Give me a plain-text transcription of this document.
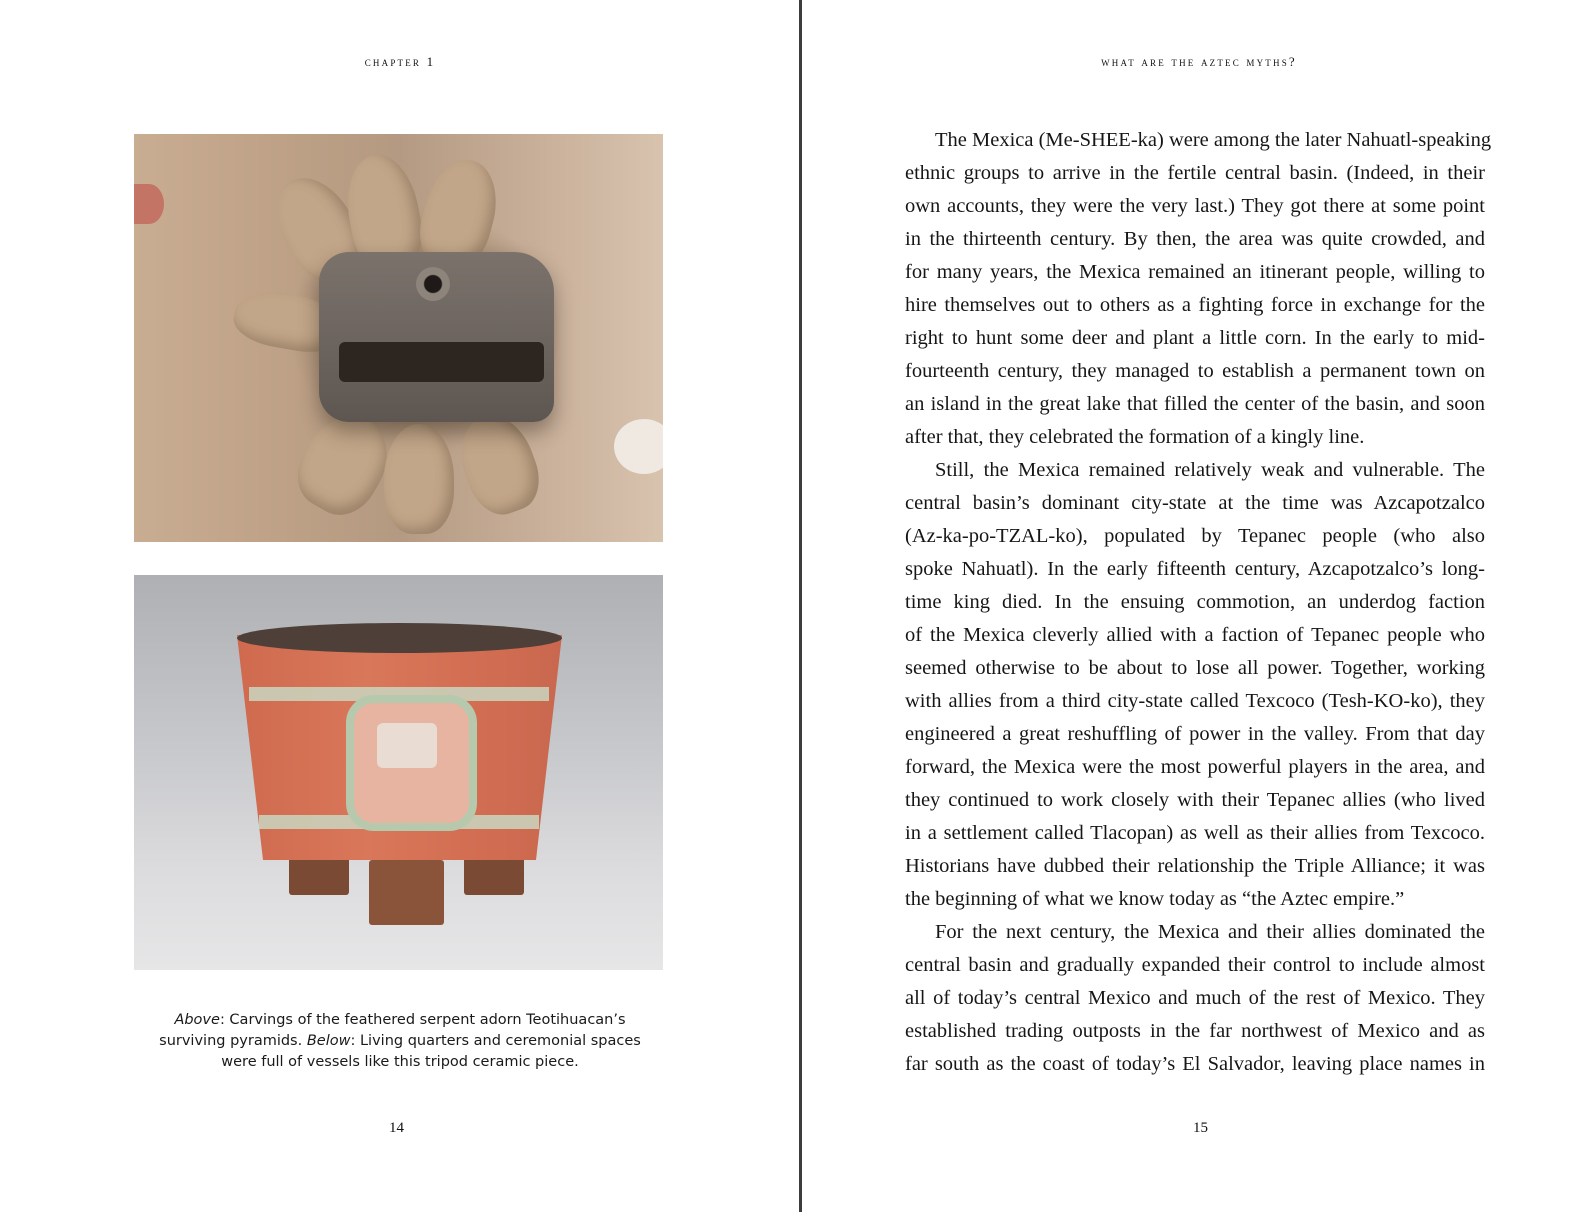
chapter 1
Above: Carvings of the feathered serpent adorn Teotihuacan’s surviving pyramids. Below: Living quarters and ceremonial spaces were full of vessels like this tripod ceramic piece.
14
what are the aztec myths?
The Mexica (Me-SHEE-ka) were among the later Nahuatl-speaking
ethnic groups to arrive in the fertile central basin. (Indeed, in their
own accounts, they were the very last.) They got there at some point
in the thirteenth century. By then, the area was quite crowded, and
for many years, the Mexica remained an itinerant people, willing to
hire themselves out to others as a fighting force in exchange for the
right to hunt some deer and plant a little corn. In the early to mid-
fourteenth century, they managed to establish a permanent town on
an island in the great lake that filled the center of the basin, and soon
after that, they celebrated the formation of a kingly line.
Still, the Mexica remained relatively weak and vulnerable. The
central basin’s dominant city-state at the time was Azcapotzalco
(Az-ka-po-TZAL-ko), populated by Tepanec people (who also
spoke Nahuatl). In the early fifteenth century, Azcapotzalco’s long-
time king died. In the ensuing commotion, an underdog faction
of the Mexica cleverly allied with a faction of Tepanec people who
seemed otherwise to be about to lose all power. Together, working
with allies from a third city-state called Texcoco (Tesh-KO-ko), they
engineered a great reshuffling of power in the valley. From that day
forward, the Mexica were the most powerful players in the area, and
they continued to work closely with their Tepanec allies (who lived
in a settlement called Tlacopan) as well as their allies from Texcoco.
Historians have dubbed their relationship the Triple Alliance; it was
the beginning of what we know today as “the Aztec empire.”
For the next century, the Mexica and their allies dominated the
central basin and gradually expanded their control to include almost
all of today’s central Mexico and much of the rest of Mexico. They
established trading outposts in the far northwest of Mexico and as
far south as the coast of today’s El Salvador, leaving place names in
15
